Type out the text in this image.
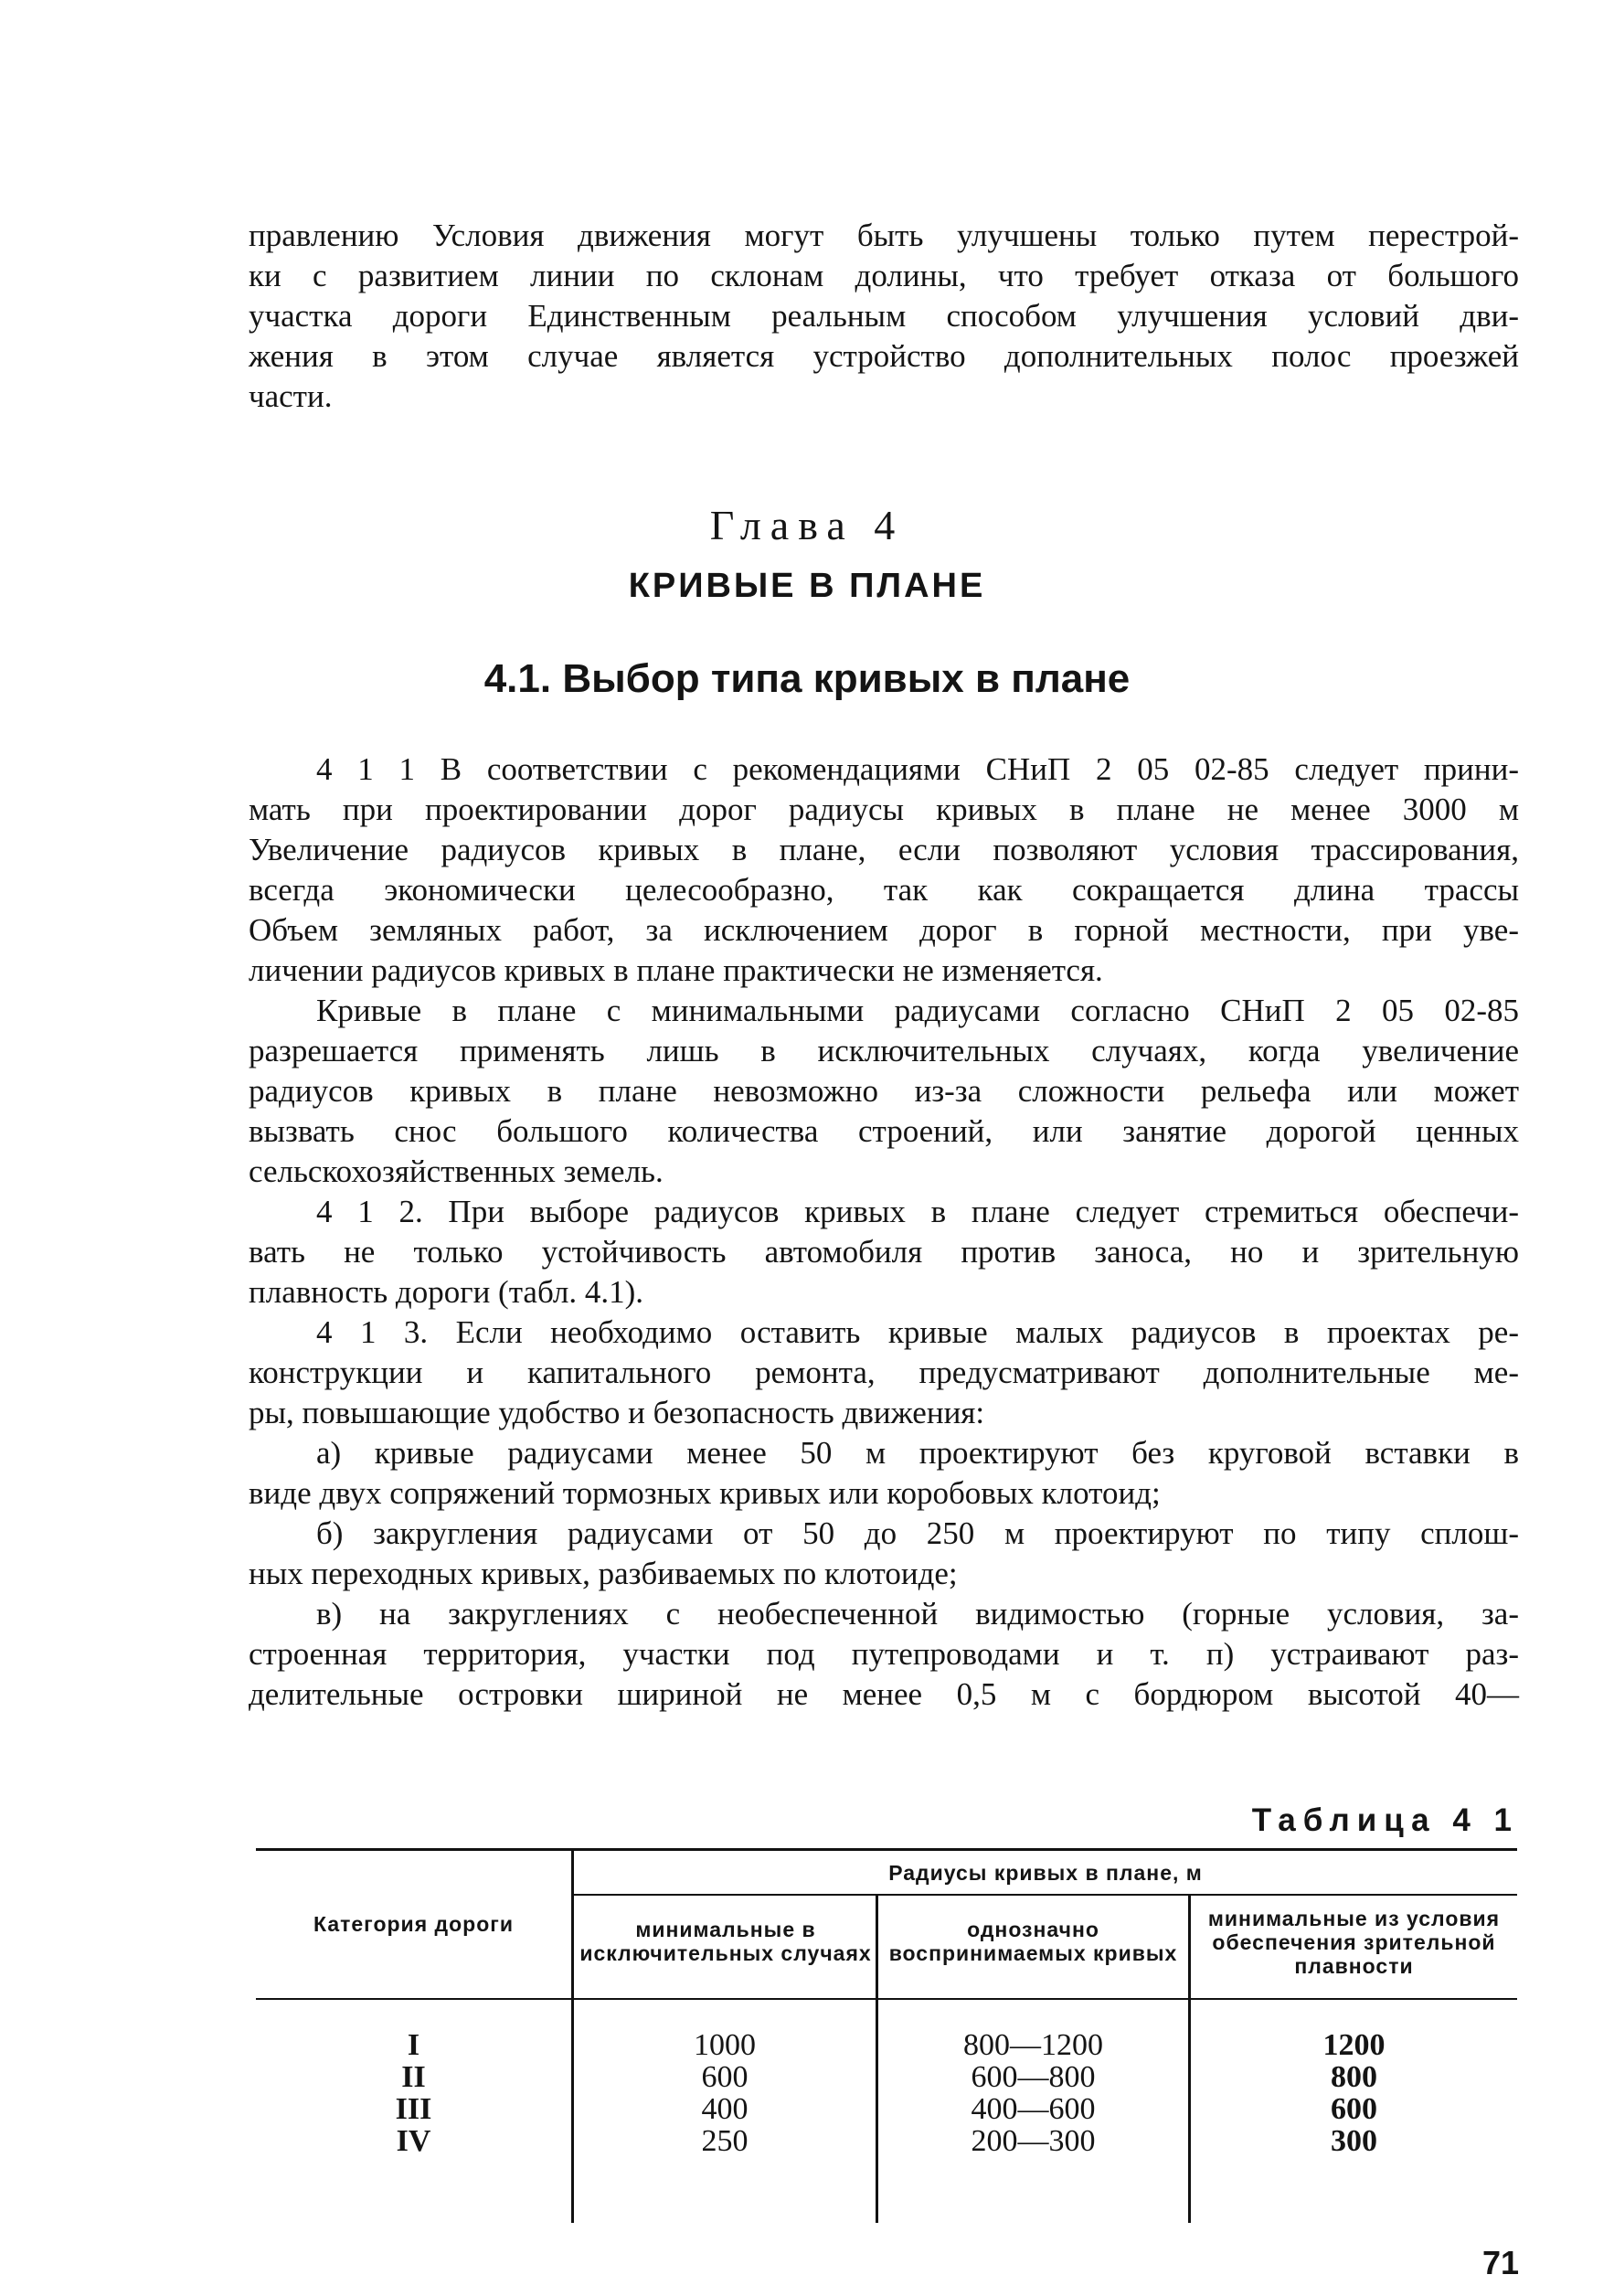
правлению Условия движения могут быть улучшены только путем перестрой-
ки с развитием линии по склонам долины, что требует отказа от большого
участка дороги Единственным реальным способом улучшения условий дви-
жения в этом случае является устройство дополнительных полос проезжей
части.
Глава 4
КРИВЫЕ В ПЛАНЕ
4.1. Выбор типа кривых в плане
4 1 1 В соответствии с рекомендациями СНиП 2 05 02-85 следует прини-
мать при проектировании дорог радиусы кривых в плане не менее 3000 м
Увеличение радиусов кривых в плане, если позволяют условия трассирования,
всегда экономически целесообразно, так как сокращается длина трассы
Объем земляных работ, за исключением дорог в горной местности, при уве-
личении радиусов кривых в плане практически не изменяется.
Кривые в плане с минимальными радиусами согласно СНиП 2 05 02-85
разрешается применять лишь в исключительных случаях, когда увеличение
радиусов кривых в плане невозможно из-за сложности рельефа или может
вызвать снос большого количества строений, или занятие дорогой ценных
сельскохозяйственных земель.
4 1 2. При выборе радиусов кривых в плане следует стремиться обеспечи-
вать не только устойчивость автомобиля против заноса, но и зрительную
плавность дороги (табл. 4.1).
4 1 3. Если необходимо оставить кривые малых радиусов в проектах ре-
конструкции и капитального ремонта, предусматривают дополнительные ме-
ры, повышающие удобство и безопасность движения:
а) кривые радиусами менее 50 м проектируют без круговой вставки в
виде двух сопряжений тормозных кривых или коробовых клотоид;
б) закругления радиусами от 50 до 250 м проектируют по типу сплош-
ных переходных кривых, разбиваемых по клотоиде;
в) на закруглениях с необеспеченной видимостью (горные условия, за-
строенная территория, участки под путепроводами и т. п) устраивают раз-
делительные островки шириной не менее 0,5 м с бордюром высотой 40—
Таблица 4 1
Категория дороги
Радиусы кривых в плане, м
минимальные в исключительных случаях
однозначно воспринимаемых кривых
минимальные из условия обеспечения зрительной плавности
I
II
III
IV
1000
600
400
250
800—1200
600—800
400—600
200—300
1200
800
600
300
71
